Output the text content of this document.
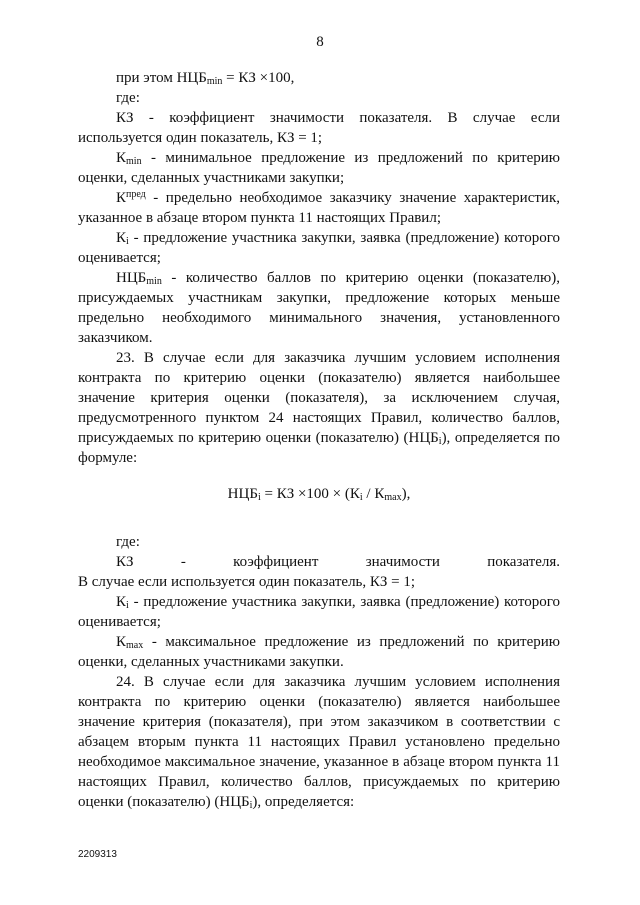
8

при этом $НЦБ_{min}$ = КЗ ×100,

где:

КЗ - коэффициент значимости показателя. В случае если используется один показатель, КЗ = 1;

$К_{min}$ - минимальное предложение из предложений по критерию оценки, сделанных участниками закупки;

$К^{пред}$ - предельно необходимое заказчику значение характеристик, указанное в абзаце втором пункта 11 настоящих Правил;

$К_i$ - предложение участника закупки, заявка (предложение) которого оценивается;

$НЦБ_{min}$ - количество баллов по критерию оценки (показателю), присуждаемых участникам закупки, предложение которых меньше предельно необходимого минимального значения, установленного заказчиком.

23. В случае если для заказчика лучшим условием исполнения контракта по критерию оценки (показателю) является наибольшее значение критерия оценки (показателя), за исключением случая, предусмотренного пунктом 24 настоящих Правил, количество баллов, присуждаемых по критерию оценки (показателю) $(НЦБ_i)$, определяется по формуле:

$НЦБ_i$ = КЗ $\times 100 \times (К_i / К_{max})$,

где:

КЗ	-	коэффициент	значимости	показателя.

В случае если используется один показатель, КЗ = 1;

$К_i$ - предложение участника закупки, заявка (предложение) которого оценивается;

$К_{max}$ - максимальное предложение из предложений по критерию оценки, сделанных участниками закупки.

24. В случае если для заказчика лучшим условием исполнения контракта по критерию оценки (показателю) является наибольшее значение критерия (показателя), при этом заказчиком в соответствии с абзацем вторым пункта 11 настоящих Правил установлено предельно необходимое максимальное значение, указанное в абзаце втором пункта 11 настоящих Правил, количество баллов, присуждаемых по критерию оценки (показателю) $(НЦБ_i)$, определяется:

2209313
